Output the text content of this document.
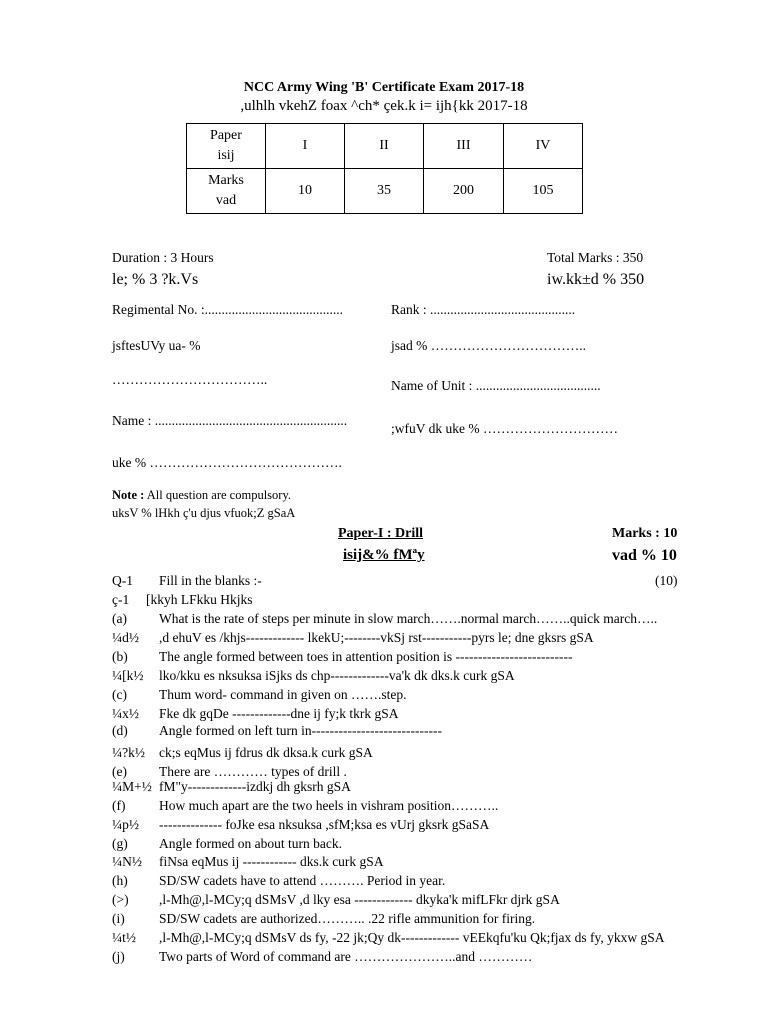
NCC Army Wing 'B' Certificate Exam 2017-18
,ulhlh vkehZ foax ^ch* çek.k i= ijh{kk 2017-18
Paper
isij	I	II	III	IV
Marks
vad	10	35	200	105
Duration : 3 Hours
le; % 3 ?k.Vs
Total Marks : 350
iw.kk±d % 350
Regimental No. :.........................................	Rank : ...........................................
jsftesUVy ua- %	jsad % ……………………………..
……………………………..	Name of Unit : .....................................
Name : .........................................................
;wfuV dk uke % …………………………
uke % …………………………………….
Note : All question are compulsory.
uksV % lHkh ç'u djus vfuok;Z gSaA
Paper-I : Drill	Marks : 10
isij&% fMªy	vad % 10
Q-1 Fill in the blanks :-	(10)
ç-1 [kkyh LFkku Hkjks
(a) What is the rate of steps per minute in slow march…….normal march……..quick march…..
¼d½ ,d ehuV es /khjs------------- lkekU;--------vkSj rst-----------pyrs le; dne gksrs gSA
(b) The angle formed between toes in attention position is --------------------------
¼[k½ lko/kku es nksuksa iSjks ds chp-------------va'k dk dks.k curk gSA
(c) Thum word- command in given on …….step.
¼x½ Fke dk gqDe -------------dne ij fy;k tkrk gSA
(d) Angle formed on left turn in-----------------------------
¼?k½ ck;s eqMus ij fdrus dk dksa.k curk gSA
(e) There are ………… types of drill .
¼M+½ fM"y-------------izdkj dh gksrh gSA
(f) How much apart are the two heels in vishram position………..
¼p½ -------------- foJke esa nksuksa ,sfM;ksa es vUrj gksrk gSaSA
(g) Angle formed on about turn back.
¼N½ fiNsa eqMus ij ------------ dks.k curk gSA
(h) SD/SW cadets have to attend ………. Period in year.
(>) ,l-Mh@,l-MCy;q dSMsV ,d lky esa ------------- dkyka'k mifLFkr djrk gSA
(i)	SD/SW cadets are authorized……….. .22 rifle ammunition for firing.
¼t½ ,l-Mh@,l-MCy;q dSMsV ds fy, -22 jk;Qy dk------------- vEEkqfu'ku Qk;fjax ds fy, ykxw gSA
(j)	Two parts of Word of command are …………………..and …………
